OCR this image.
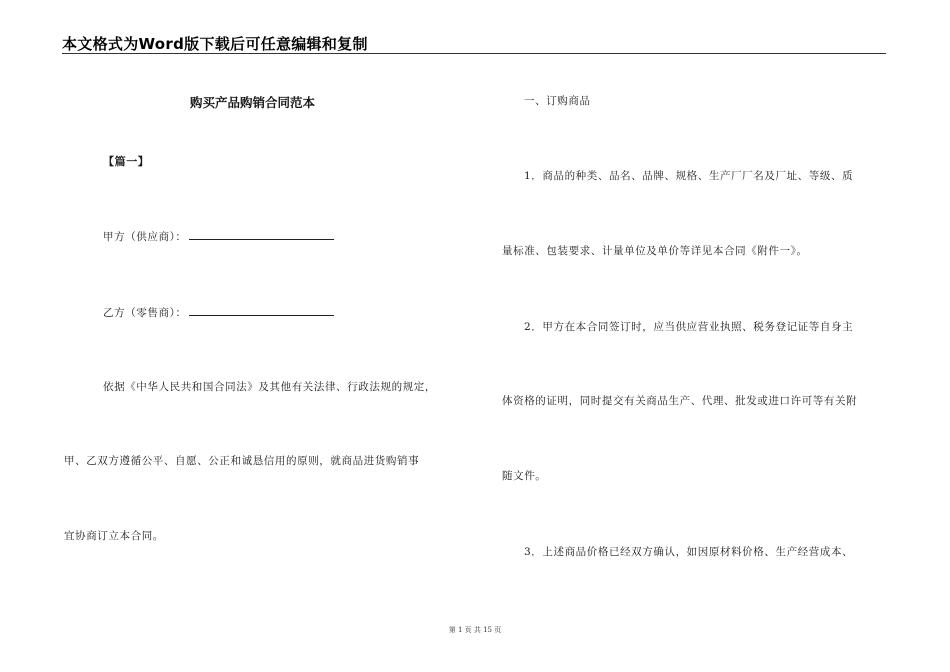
本文格式为Word版下载后可任意编辑和复制
购买产品购销合同范本
【篇一】
甲方（供应商）：
乙方（零售商）：
依据《中华人民共和国合同法》及其他有关法律、行政法规的规定，
甲、乙双方遵循公平、自愿、公正和诚恳信用的原则，就商品进货购销事
宜协商订立本合同。
一、订购商品
1．商品的种类、品名、品牌、规格、生产厂厂名及厂址、等级、质
量标准、包装要求、计量单位及单价等详见本合同《附件一》。
2．甲方在本合同签订时，应当供应营业执照、税务登记证等自身主
体资格的证明，同时提交有关商品生产、代理、批发或进口许可等有关附
随文件。
3．上述商品价格已经双方确认，如因原材料价格、生产经营成本、
第 1 页 共 15 页
